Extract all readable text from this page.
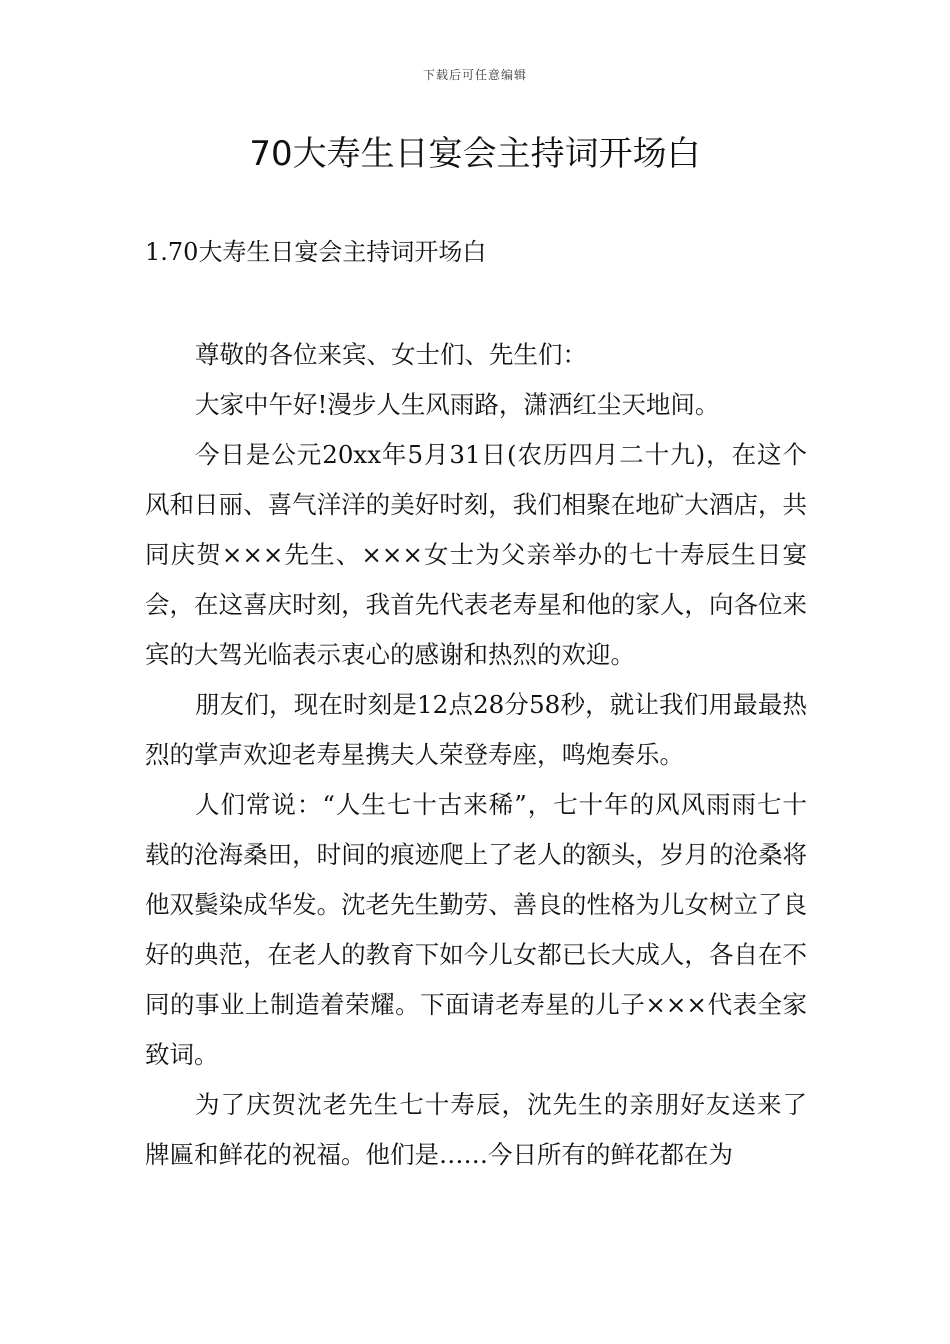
下载后可任意编辑
70大寿生日宴会主持词开场白
1.70大寿生日宴会主持词开场白

尊敬的各位来宾、女士们、先生们：

大家中午好!漫步人生风雨路，潇洒红尘天地间。

今日是公元20xx年5月31日(农历四月二十九)，在这个风和日丽、喜气洋洋的美好时刻，我们相聚在地矿大酒店，共同庆贺×××先生、×××女士为父亲举办的七十寿辰生日宴会，在这喜庆时刻，我首先代表老寿星和他的家人，向各位来宾的大驾光临表示衷心的感谢和热烈的欢迎。

朋友们，现在时刻是12点28分58秒，就让我们用最最热烈的掌声欢迎老寿星携夫人荣登寿座，鸣炮奏乐。

人们常说：“人生七十古来稀”，七十年的风风雨雨七十载的沧海桑田，时间的痕迹爬上了老人的额头，岁月的沧桑将他双鬓染成华发。沈老先生勤劳、善良的性格为儿女树立了良好的典范，在老人的教育下如今儿女都已长大成人，各自在不同的事业上制造着荣耀。下面请老寿星的儿子×××代表全家致词。

为了庆贺沈老先生七十寿辰，沈先生的亲朋好友送来了牌匾和鲜花的祝福。他们是……今日所有的鲜花都在为
